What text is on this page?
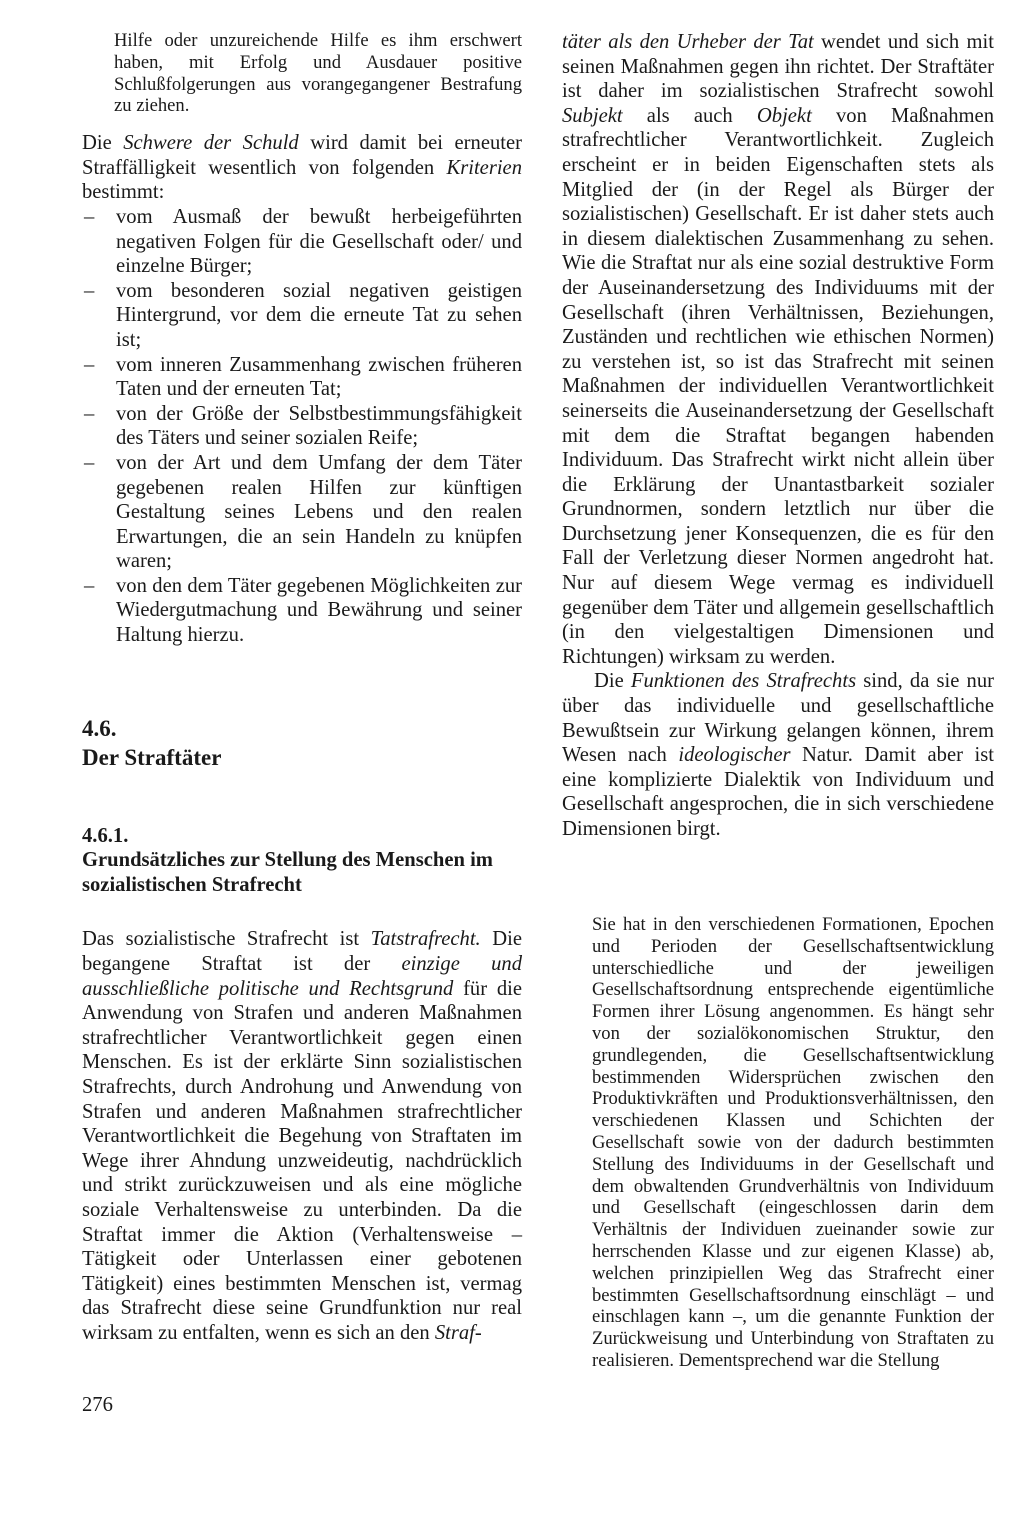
Hilfe oder unzureichende Hilfe es ihm erschwert haben, mit Erfolg und Ausdauer positive Schlußfolgerungen aus vorangegangener Bestrafung zu ziehen.

Die Schwere der Schuld wird damit bei erneuter Straffälligkeit wesentlich von folgenden Kriterien bestimmt:

– vom Ausmaß der bewußt herbeigeführten negativen Folgen für die Gesellschaft oder/ und einzelne Bürger;
– vom besonderen sozial negativen geistigen Hintergrund, vor dem die erneute Tat zu sehen ist;
– vom inneren Zusammenhang zwischen früheren Taten und der erneuten Tat;
– von der Größe der Selbstbestimmungsfähigkeit des Täters und seiner sozialen Reife;
– von der Art und dem Umfang der dem Täter gegebenen realen Hilfen zur künftigen Gestaltung seines Lebens und den realen Erwartungen, die an sein Handeln zu knüpfen waren;
– von den dem Täter gegebenen Möglichkeiten zur Wiedergutmachung und Bewährung und seiner Haltung hierzu.
4.6.
Der Straftäter
4.6.1.
Grundsätzliches zur Stellung des Menschen im sozialistischen Strafrecht

Das sozialistische Strafrecht ist Tatstrafrecht. Die begangene Straftat ist der einzige und ausschließliche politische und Rechtsgrund für die Anwendung von Strafen und anderen Maßnahmen strafrechtlicher Verantwortlichkeit gegen einen Menschen. Es ist der erklärte Sinn sozialistischen Strafrechts, durch Androhung und Anwendung von Strafen und anderen Maßnahmen strafrechtlicher Verantwortlichkeit die Begehung von Straftaten im Wege ihrer Ahndung unzweideutig, nachdrücklich und strikt zurückzuweisen und als eine mögliche soziale Verhaltensweise zu unterbinden. Da die Straftat immer die Aktion (Verhaltensweise – Tätigkeit oder Unterlassen einer gebotenen Tätigkeit) eines bestimmten Menschen ist, vermag das Strafrecht diese seine Grundfunktion nur real wirksam zu entfalten, wenn es sich an den Straf-

täter als den Urheber der Tat wendet und sich mit seinen Maßnahmen gegen ihn richtet. Der Straftäter ist daher im sozialistischen Strafrecht sowohl Subjekt als auch Objekt von Maßnahmen strafrechtlicher Verantwortlichkeit. Zugleich erscheint er in beiden Eigenschaften stets als Mitglied der (in der Regel als Bürger der sozialistischen) Gesellschaft. Er ist daher stets auch in diesem dialektischen Zusammenhang zu sehen. Wie die Straftat nur als eine sozial destruktive Form der Auseinandersetzung des Individuums mit der Gesellschaft (ihren Verhältnissen, Beziehungen, Zuständen und rechtlichen wie ethischen Normen) zu verstehen ist, so ist das Strafrecht mit seinen Maßnahmen der individuellen Verantwortlichkeit seinerseits die Auseinandersetzung der Gesellschaft mit dem die Straftat begangen habenden Individuum. Das Strafrecht wirkt nicht allein über die Erklärung der Unantastbarkeit sozialer Grundnormen, sondern letztlich nur über die Durchsetzung jener Konsequenzen, die es für den Fall der Verletzung dieser Normen angedroht hat. Nur auf diesem Wege vermag es individuell gegenüber dem Täter und allgemein gesellschaftlich (in den vielgestaltigen Dimensionen und Richtungen) wirksam zu werden.

Die Funktionen des Strafrechts sind, da sie nur über das individuelle und gesellschaftliche Bewußtsein zur Wirkung gelangen können, ihrem Wesen nach ideologischer Natur. Damit aber ist eine komplizierte Dialektik von Individuum und Gesellschaft angesprochen, die in sich verschiedene Dimensionen birgt.

Sie hat in den verschiedenen Formationen, Epochen und Perioden der Gesellschaftsentwicklung unterschiedliche und der jeweiligen Gesellschaftsordnung entsprechende eigentümliche Formen ihrer Lösung angenommen. Es hängt sehr von der sozialökonomischen Struktur, den grundlegenden, die Gesellschaftsentwicklung bestimmenden Widersprüchen zwischen den Produktivkräften und Produktionsverhältnissen, den verschiedenen Klassen und Schichten der Gesellschaft sowie von der dadurch bestimmten Stellung des Individuums in der Gesellschaft und dem obwaltenden Grundverhältnis von Individuum und Gesellschaft (eingeschlossen darin dem Verhältnis der Individuen zueinander sowie zur herrschenden Klasse und zur eigenen Klasse) ab, welchen prinzipiellen Weg das Strafrecht einer bestimmten Gesellschaftsordnung einschlägt – und einschlagen kann –, um die genannte Funktion der Zurückweisung und Unterbindung von Straftaten zu realisieren. Dementsprechend war die Stellung

276
